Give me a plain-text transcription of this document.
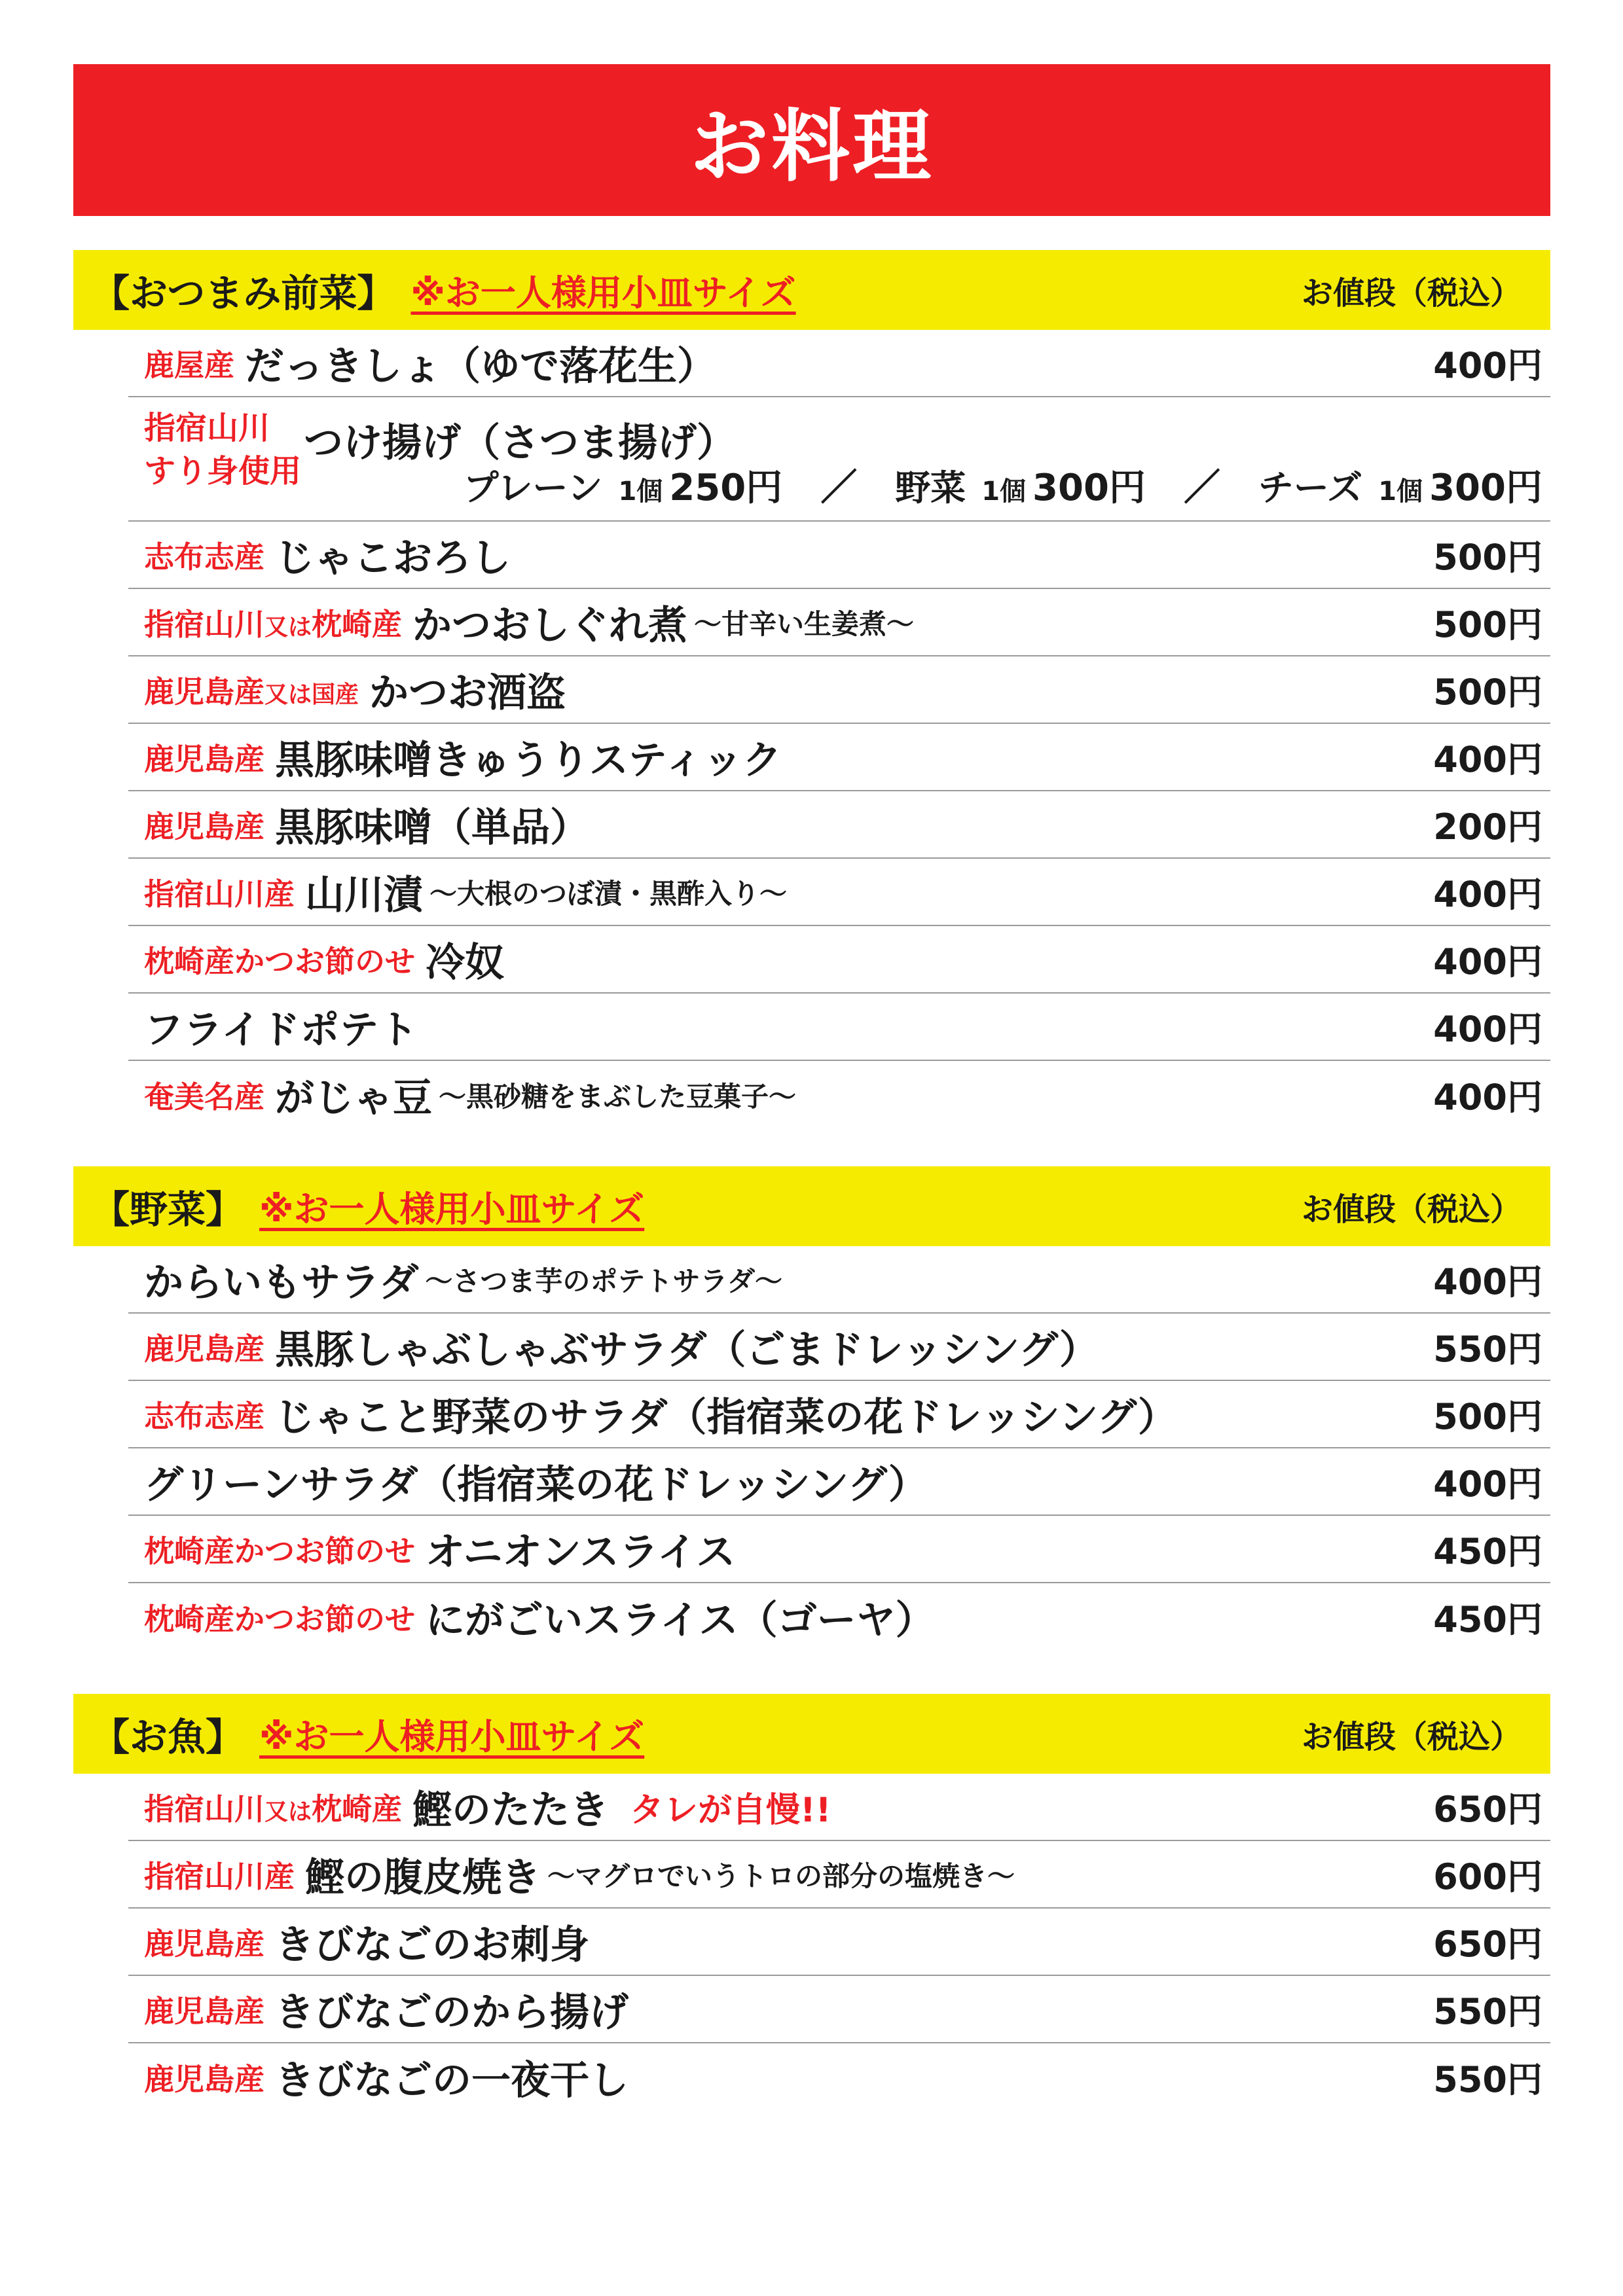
お料理
【おつまみ前菜】 ※お一人様用小皿サイズ	お値段（税込）
鹿屋産 だっきしょ（ゆで落花生）	400円
指宿山川
すり身使用
つけ揚げ（さつま揚げ）
プレーン 1個 250円 ／ 野菜 1個 300円 ／ チーズ 1個 300円
志布志産 じゃこおろし	500円
指宿山川又は枕崎産 かつおしぐれ煮 ～甘辛い生姜煮～	500円
鹿児島産又は国産 かつお酒盗	500円
鹿児島産 黒豚味噌きゅうりスティック	400円
鹿児島産 黒豚味噌（単品）	200円
指宿山川産 山川漬 ～大根のつぼ漬・黒酢入り～	400円
枕崎産かつお節のせ 冷奴	400円
フライドポテト	400円
奄美名産 がじゃ豆 ～黒砂糖をまぶした豆菓子～	400円
【野菜】 ※お一人様用小皿サイズ	お値段（税込）
からいもサラダ ～さつま芋のポテトサラダ～	400円
鹿児島産 黒豚しゃぶしゃぶサラダ（ごまドレッシング）	550円
志布志産 じゃこと野菜のサラダ（指宿菜の花ドレッシング）	500円
グリーンサラダ（指宿菜の花ドレッシング）	400円
枕崎産かつお節のせ オニオンスライス	450円
枕崎産かつお節のせ にがごいスライス（ゴーヤ）	450円
【お魚】 ※お一人様用小皿サイズ	お値段（税込）
指宿山川又は枕崎産 鰹のたたき タレが自慢!!	650円
指宿山川産 鰹の腹皮焼き ～マグロでいうトロの部分の塩焼き～	600円
鹿児島産 きびなごのお刺身	650円
鹿児島産 きびなごのから揚げ	550円
鹿児島産 きびなごの一夜干し	550円
